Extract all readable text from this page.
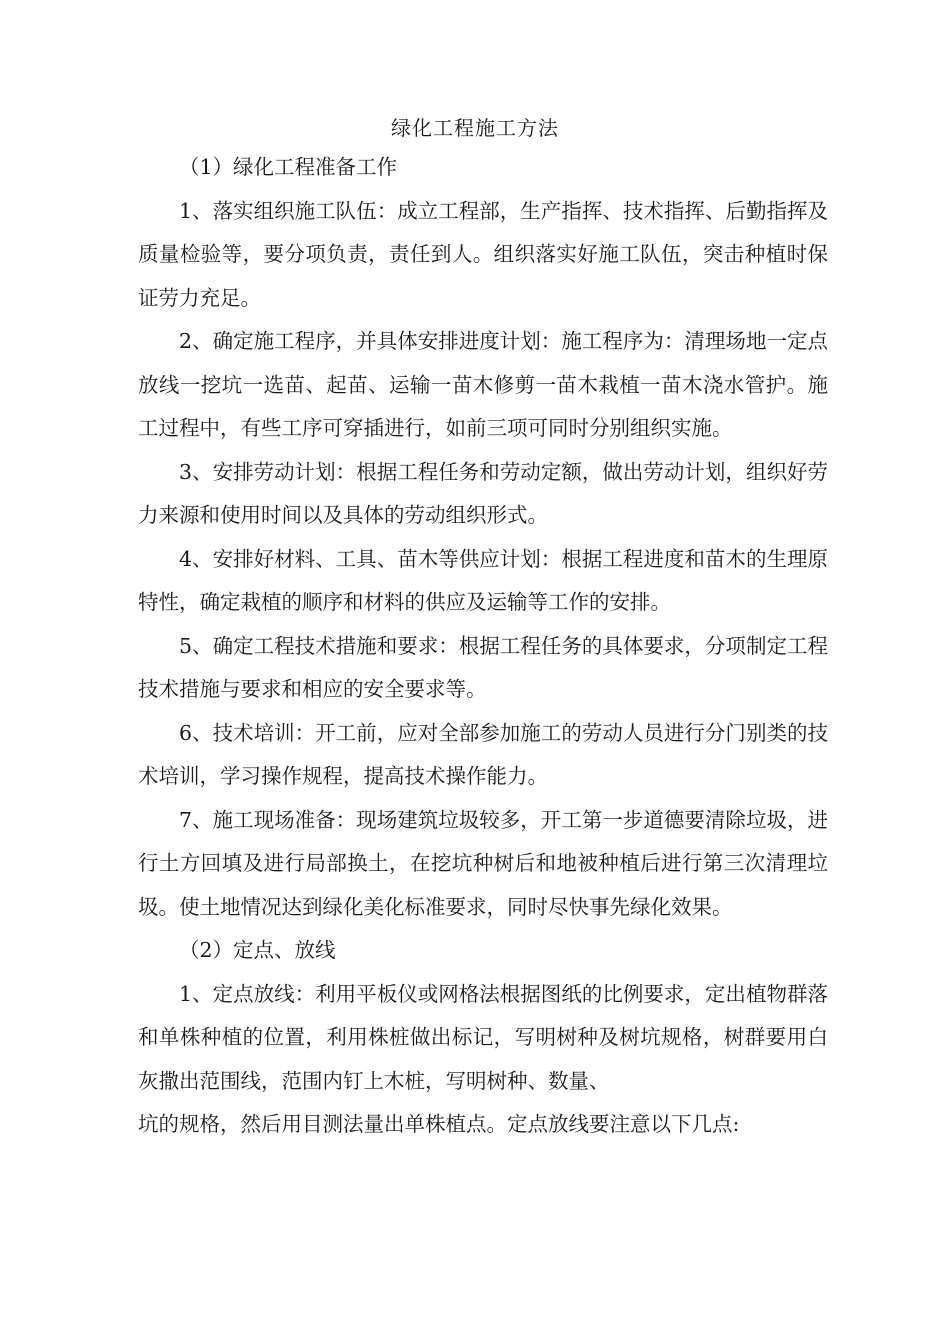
绿化工程施工方法

（1）绿化工程准备工作

1、落实组织施工队伍：成立工程部，生产指挥、技术指挥、后勤指挥及质量检验等，要分项负责，责任到人。组织落实好施工队伍，突击种植时保证劳力充足。

2、确定施工程序，并具体安排进度计划：施工程序为：清理场地一定点放线一挖坑一选苗、起苗、运输一苗木修剪一苗木栽植一苗木浇水管护。施工过程中，有些工序可穿插进行，如前三项可同时分别组织实施。

3、安排劳动计划：根据工程任务和劳动定额，做出劳动计划，组织好劳力来源和使用时间以及具体的劳动组织形式。

4、安排好材料、工具、苗木等供应计划：根据工程进度和苗木的生理原特性，确定栽植的顺序和材料的供应及运输等工作的安排。

5、确定工程技术措施和要求：根据工程任务的具体要求，分项制定工程技术措施与要求和相应的安全要求等。

6、技术培训：开工前，应对全部参加施工的劳动人员进行分门别类的技术培训，学习操作规程，提高技术操作能力。

7、施工现场准备：现场建筑垃圾较多，开工第一步道德要清除垃圾，进行土方回填及进行局部换土，在挖坑种树后和地被种植后进行第三次清理垃圾。使土地情况达到绿化美化标准要求，同时尽快事先绿化效果。

（2）定点、放线

1、定点放线：利用平板仪或网格法根据图纸的比例要求，定出植物群落和单株种植的位置，利用株桩做出标记，写明树种及树坑规格，树群要用白灰撒出范围线，范围内钉上木桩，写明树种、数量、

坑的规格，然后用目测法量出单株植点。定点放线要注意以下几点:
